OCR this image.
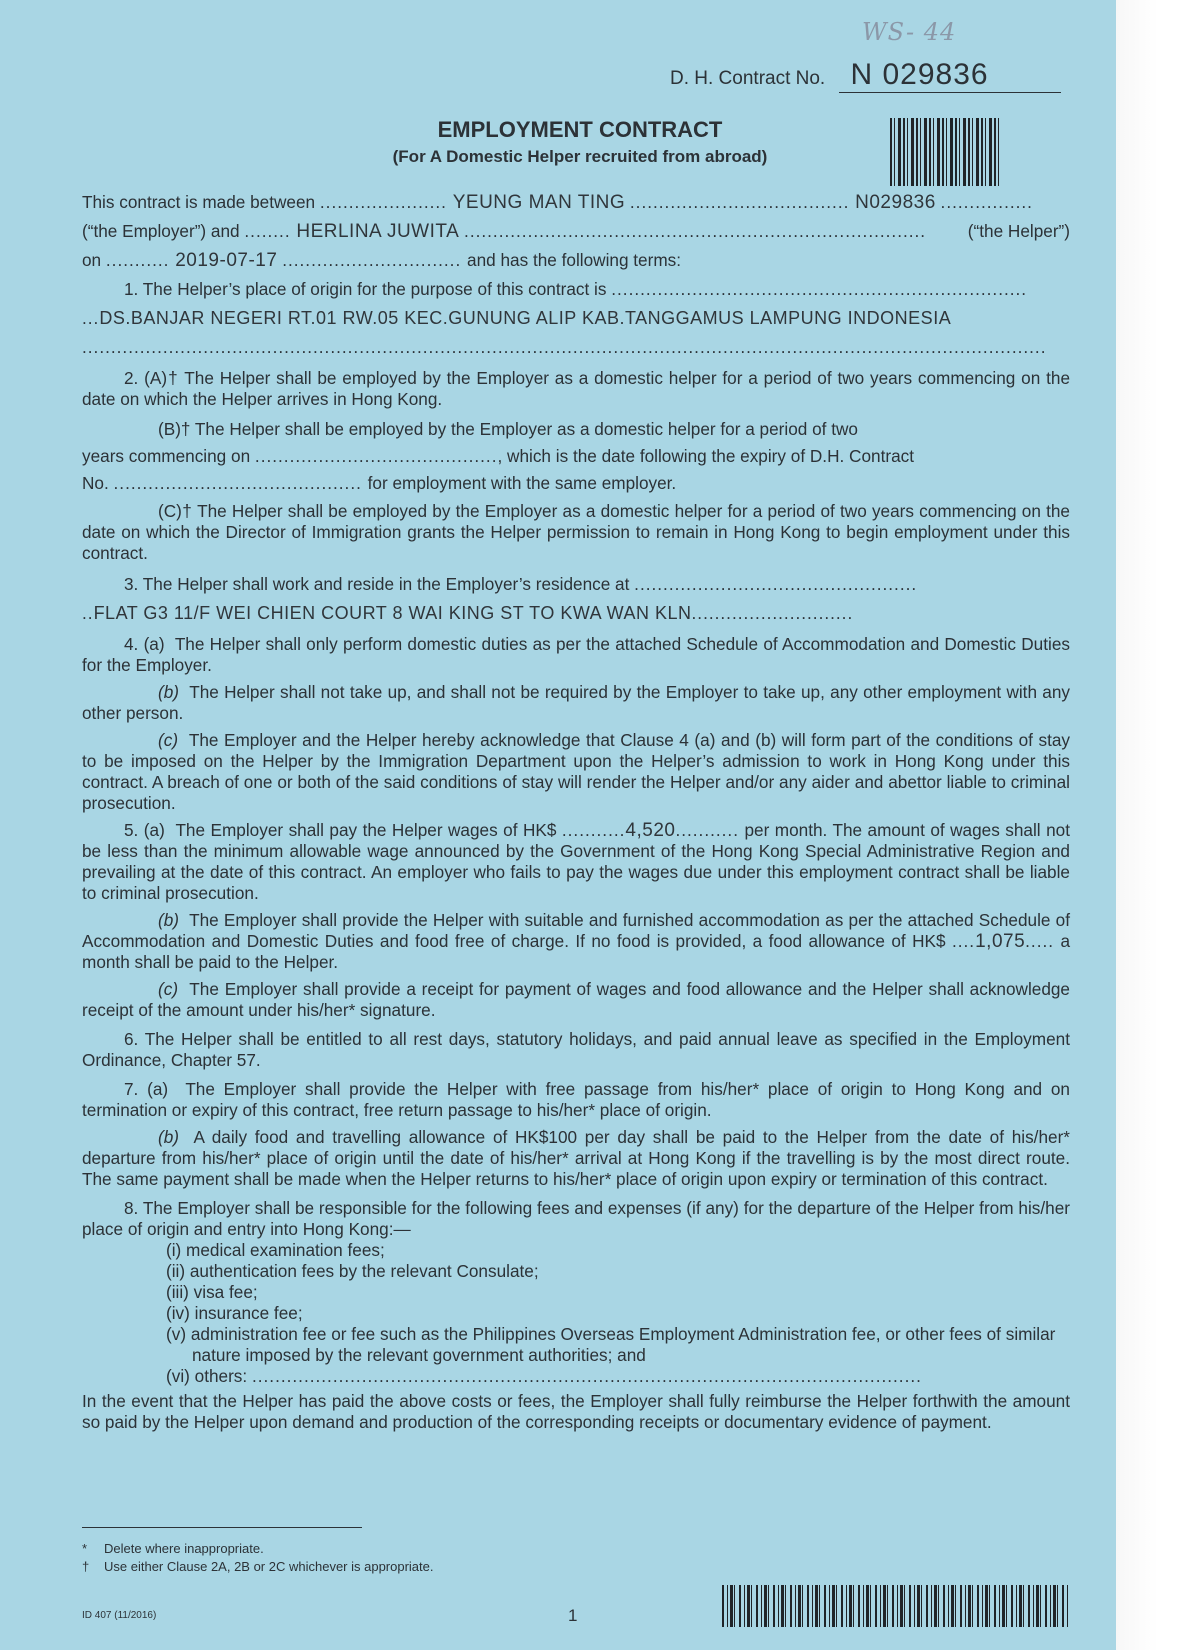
WS- 44
D. H. Contract No. N 029836
EMPLOYMENT CONTRACT
(For A Domestic Helper recruited from abroad)
This contract is made between ...................... YEUNG MAN TING ...................................... N029836 ................
(“the Employer”) and ........ HERLINA JUWITA ................................................................................ (“the Helper”)
on ........... 2019-07-17 ............................... and has the following terms:
1. The Helper’s place of origin for the purpose of this contract is ........................................................................
...DS.BANJAR NEGERI RT.01 RW.05 KEC.GUNUNG ALIP KAB.TANGGAMUS LAMPUNG INDONESIA
.......................................................................................................................................................................

2. (A)† The Helper shall be employed by the Employer as a domestic helper for a period of two years commencing on the date on which the Helper arrives in Hong Kong.

(B)† The Helper shall be employed by the Employer as a domestic helper for a period of two
years commencing on .........................................., which is the date following the expiry of D.H. Contract
No. ........................................... for employment with the same employer.

(C)† The Helper shall be employed by the Employer as a domestic helper for a period of two years commencing on the date on which the Director of Immigration grants the Helper permission to remain in Hong Kong to begin employment under this contract.

3. The Helper shall work and reside in the Employer’s residence at .................................................
..FLAT G3 11/F WEI CHIEN COURT 8 WAI KING ST TO KWA WAN KLN............................

4. (a) The Helper shall only perform domestic duties as per the attached Schedule of Accommodation and Domestic Duties for the Employer.

(b) The Helper shall not take up, and shall not be required by the Employer to take up, any other employment with any other person.

(c) The Employer and the Helper hereby acknowledge that Clause 4 (a) and (b) will form part of the conditions of stay to be imposed on the Helper by the Immigration Department upon the Helper’s admission to work in Hong Kong under this contract. A breach of one or both of the said conditions of stay will render the Helper and/or any aider and abettor liable to criminal prosecution.

5. (a) The Employer shall pay the Helper wages of HK$ ...........4,520........... per month. The amount of wages shall not be less than the minimum allowable wage announced by the Government of the Hong Kong Special Administrative Region and prevailing at the date of this contract. An employer who fails to pay the wages due under this employment contract shall be liable to criminal prosecution.

(b) The Employer shall provide the Helper with suitable and furnished accommodation as per the attached Schedule of Accommodation and Domestic Duties and food free of charge. If no food is provided, a food allowance of HK$ ....1,075..... a month shall be paid to the Helper.

(c) The Employer shall provide a receipt for payment of wages and food allowance and the Helper shall acknowledge receipt of the amount under his/her* signature.

6. The Helper shall be entitled to all rest days, statutory holidays, and paid annual leave as specified in the Employment Ordinance, Chapter 57.

7. (a) The Employer shall provide the Helper with free passage from his/her* place of origin to Hong Kong and on termination or expiry of this contract, free return passage to his/her* place of origin.

(b) A daily food and travelling allowance of HK$100 per day shall be paid to the Helper from the date of his/her* departure from his/her* place of origin until the date of his/her* arrival at Hong Kong if the travelling is by the most direct route. The same payment shall be made when the Helper returns to his/her* place of origin upon expiry or termination of this contract.

8. The Employer shall be responsible for the following fees and expenses (if any) for the departure of the Helper from his/her place of origin and entry into Hong Kong:—

(i) medical examination fees;
(ii) authentication fees by the relevant Consulate;
(iii) visa fee;
(iv) insurance fee;
(v) administration fee or fee such as the Philippines Overseas Employment Administration fee, or other fees of similar nature imposed by the relevant government authorities; and
(vi) others: ....................................................................................................................

In the event that the Helper has paid the above costs or fees, the Employer shall fully reimburse the Helper forthwith the amount so paid by the Helper upon demand and production of the corresponding receipts or documentary evidence of payment.

* Delete where inappropriate.
† Use either Clause 2A, 2B or 2C whichever is appropriate.
ID 407 (11/2016)	1
